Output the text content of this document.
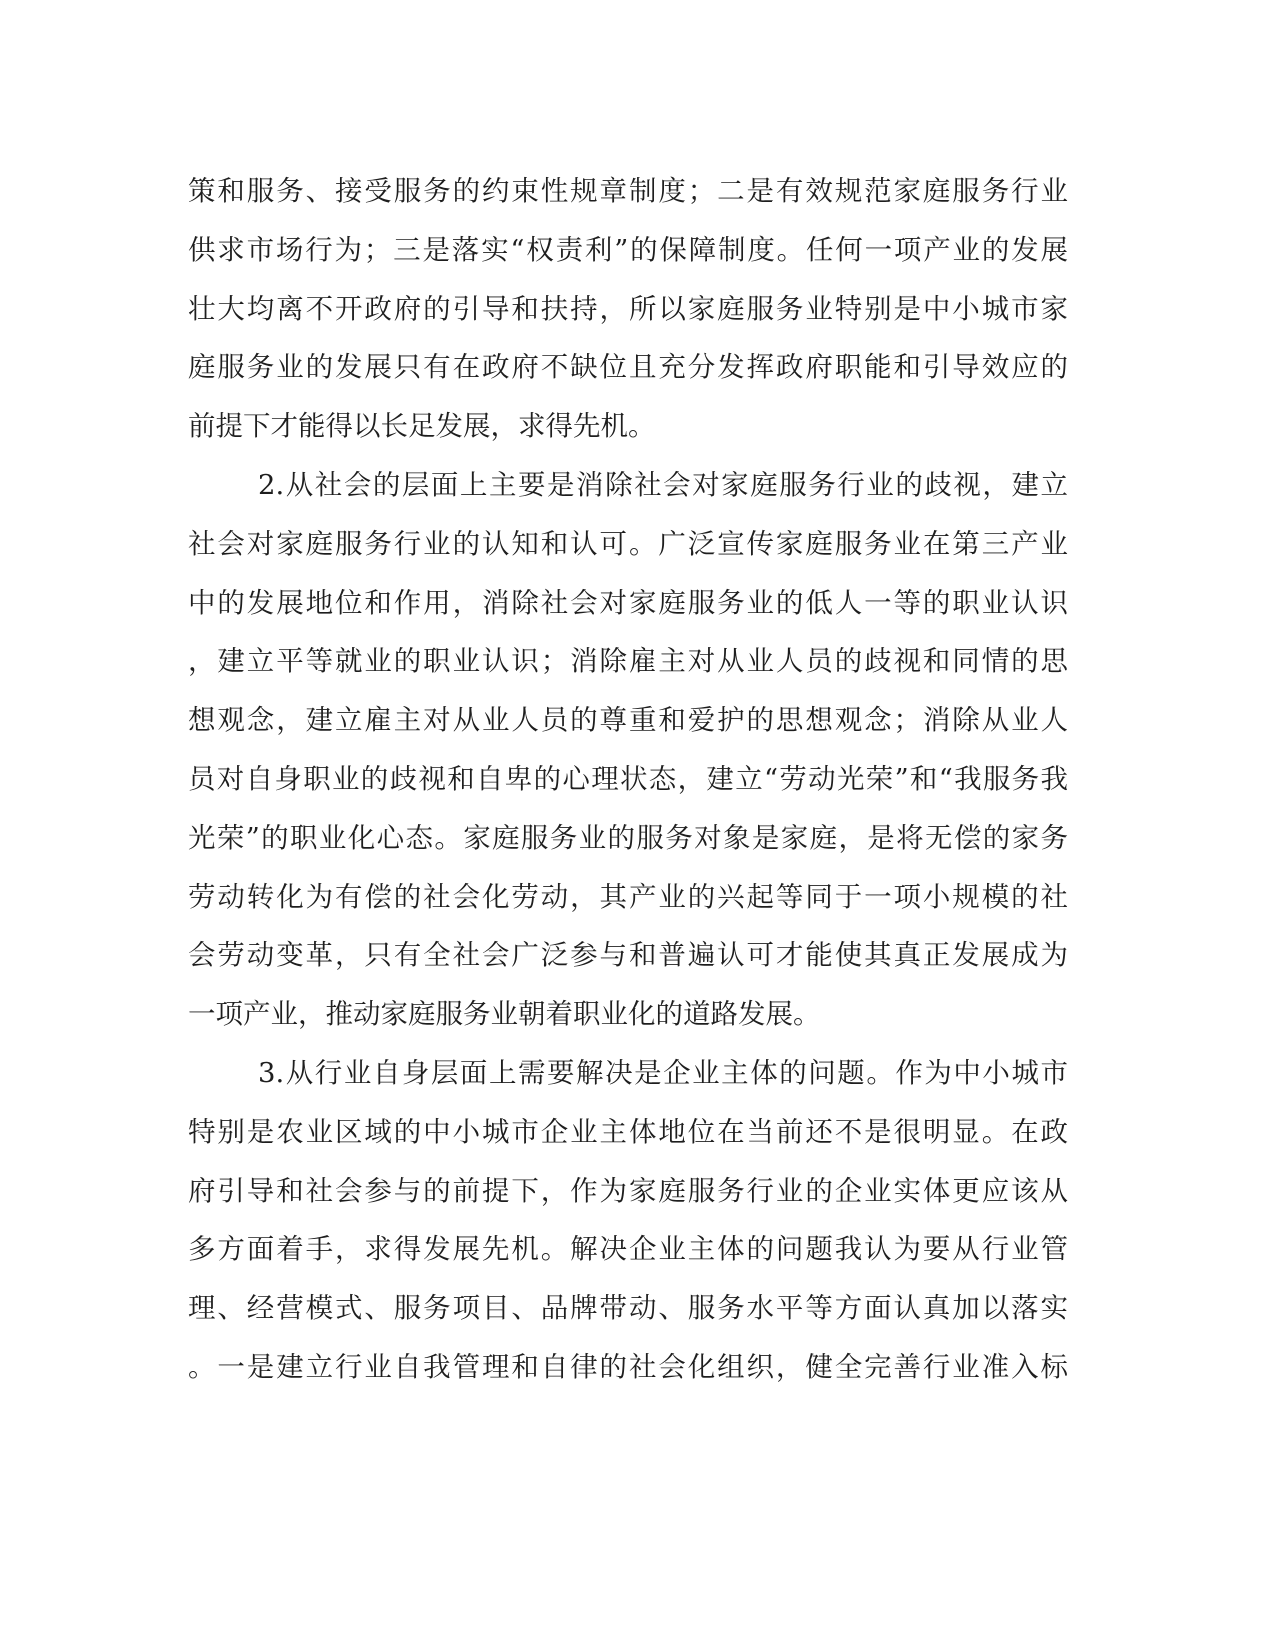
策和服务、接受服务的约束性规章制度；二是有效规范家庭服务行业
供求市场行为；三是落实“权责利”的保障制度。任何一项产业的发展
壮大均离不开政府的引导和扶持，所以家庭服务业特别是中小城市家
庭服务业的发展只有在政府不缺位且充分发挥政府职能和引导效应的
前提下才能得以长足发展，求得先机。
2.从社会的层面上主要是消除社会对家庭服务行业的歧视，建立
社会对家庭服务行业的认知和认可。广泛宣传家庭服务业在第三产业
中的发展地位和作用，消除社会对家庭服务业的低人一等的职业认识
，建立平等就业的职业认识；消除雇主对从业人员的歧视和同情的思
想观念，建立雇主对从业人员的尊重和爱护的思想观念；消除从业人
员对自身职业的歧视和自卑的心理状态，建立“劳动光荣”和“我服务我
光荣”的职业化心态。家庭服务业的服务对象是家庭，是将无偿的家务
劳动转化为有偿的社会化劳动，其产业的兴起等同于一项小规模的社
会劳动变革，只有全社会广泛参与和普遍认可才能使其真正发展成为
一项产业，推动家庭服务业朝着职业化的道路发展。
3.从行业自身层面上需要解决是企业主体的问题。作为中小城市
特别是农业区域的中小城市企业主体地位在当前还不是很明显。在政
府引导和社会参与的前提下，作为家庭服务行业的企业实体更应该从
多方面着手，求得发展先机。解决企业主体的问题我认为要从行业管
理、经营模式、服务项目、品牌带动、服务水平等方面认真加以落实
。一是建立行业自我管理和自律的社会化组织，健全完善行业准入标
